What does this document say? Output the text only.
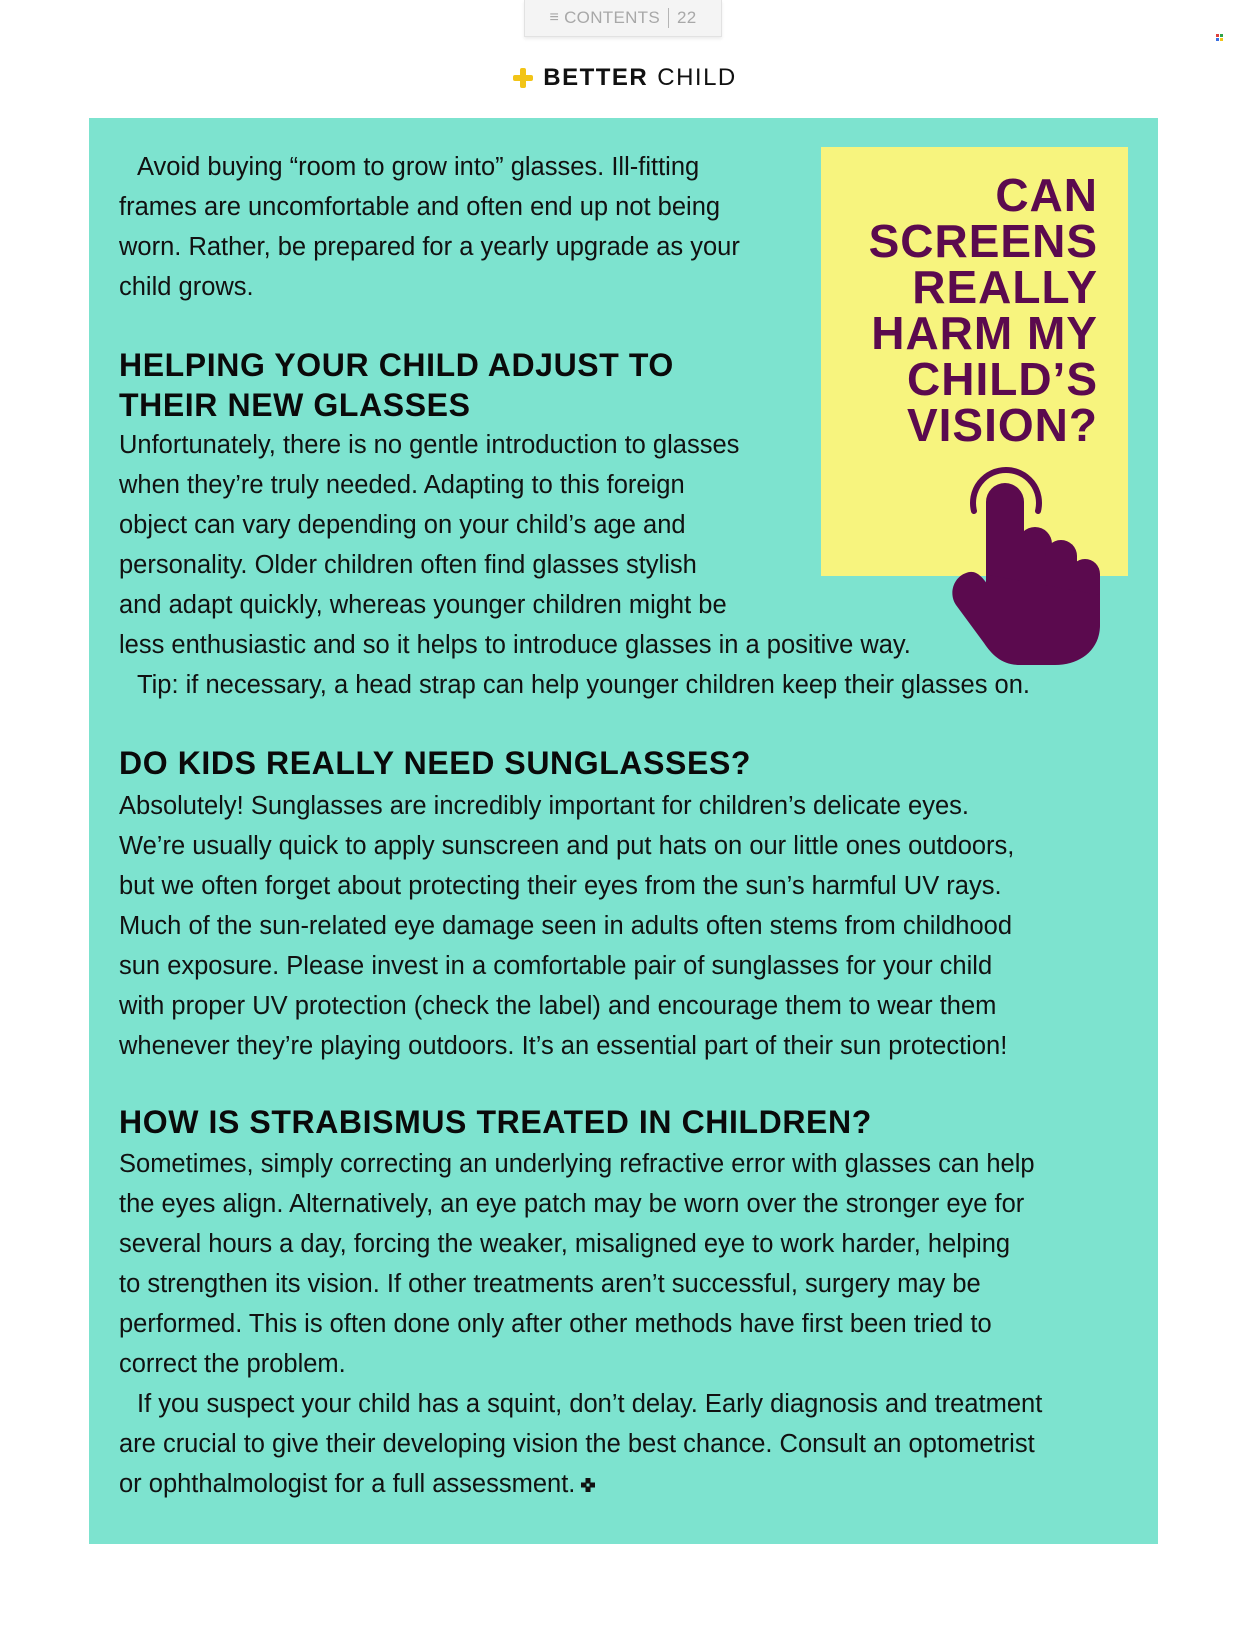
≡ CONTENTS 22
BETTER CHILD
CAN
SCREENS
REALLY
HARM MY
CHILD’S
VISION?

Avoid buying “room to grow into” glasses. Ill-fitting

frames are uncomfortable and often end up not being

worn. Rather, be prepared for a yearly upgrade as your

child grows.

HELPING YOUR CHILD ADJUST TO

THEIR NEW GLASSES

Unfortunately, there is no gentle introduction to glasses

when they’re truly needed. Adapting to this foreign

object can vary depending on your child’s age and

personality. Older children often find glasses stylish

and adapt quickly, whereas younger children might be

less enthusiastic and so it helps to introduce glasses in a positive way.

Tip: if necessary, a head strap can help younger children keep their glasses on.

DO KIDS REALLY NEED SUNGLASSES?

Absolutely! Sunglasses are incredibly important for children’s delicate eyes.

We’re usually quick to apply sunscreen and put hats on our little ones outdoors,

but we often forget about protecting their eyes from the sun’s harmful UV rays.

Much of the sun-related eye damage seen in adults often stems from childhood

sun exposure. Please invest in a comfortable pair of sunglasses for your child

with proper UV protection (check the label) and encourage them to wear them

whenever they’re playing outdoors. It’s an essential part of their sun protection!

HOW IS STRABISMUS TREATED IN CHILDREN?

Sometimes, simply correcting an underlying refractive error with glasses can help

the eyes align. Alternatively, an eye patch may be worn over the stronger eye for

several hours a day, forcing the weaker, misaligned eye to work harder, helping

to strengthen its vision. If other treatments aren’t successful, surgery may be

performed. This is often done only after other methods have first been tried to

correct the problem.

If you suspect your child has a squint, don’t delay. Early diagnosis and treatment

are crucial to give their developing vision the best chance. Consult an optometrist

or ophthalmologist for a full assessment.
